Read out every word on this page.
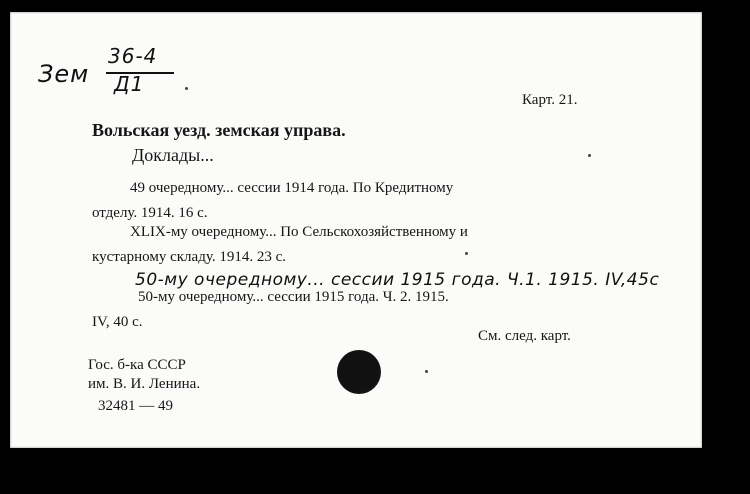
Зем
36-4
Д1
Карт. 21.
Вольская уезд. земская управа.
Доклады...
49 очередному... сессии 1914 года. По Кредитному
отделу. 1914. 16 с.
XLIX-му очередному... По Сельскохозяйственному и
кустарному складу. 1914. 23 с.
50-му очередному... сессии 1915 года. Ч.1. 1915. IV,45с
50-му очередному... сессии 1915 года. Ч. 2. 1915.
IV, 40 с.
См. след. карт.
Гос. б-ка СССР
им. В. И. Ленина.
32481 — 49
